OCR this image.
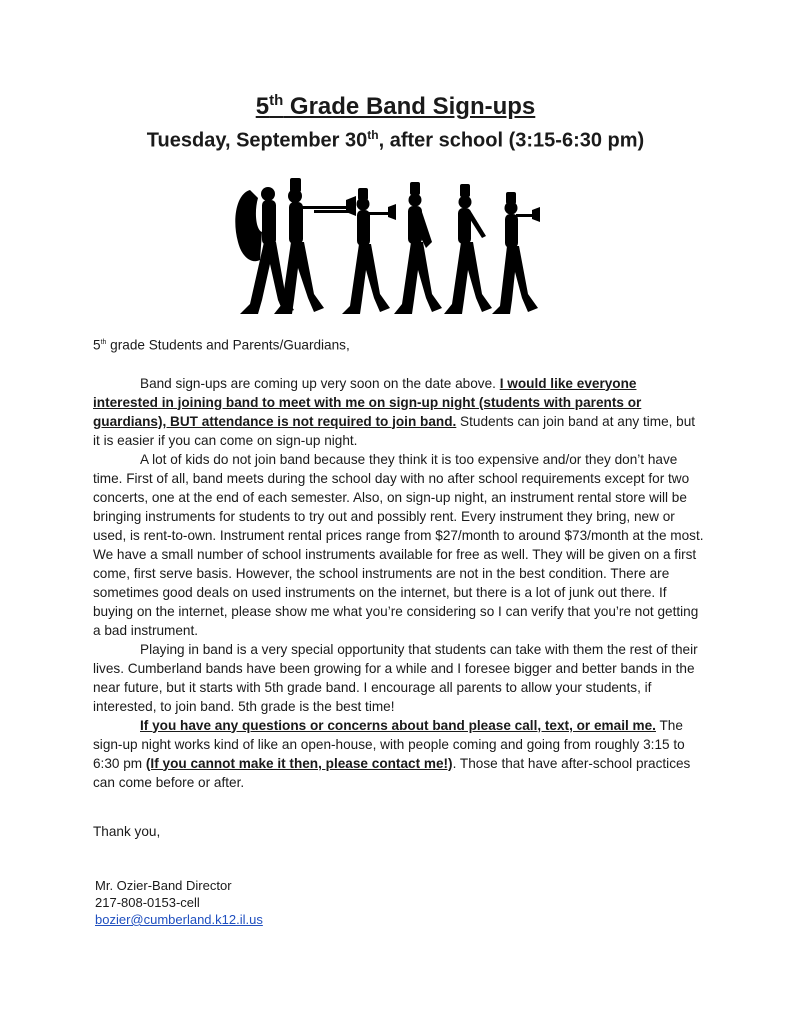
5th Grade Band Sign-ups
Tuesday, September 30th, after school (3:15-6:30 pm)

5th grade Students and Parents/Guardians,

Band sign-ups are coming up very soon on the date above. I would like everyone interested in joining band to meet with me on sign-up night (students with parents or guardians), BUT attendance is not required to join band. Students can join band at any time, but it is easier if you can come on sign-up night.

A lot of kids do not join band because they think it is too expensive and/or they don’t have time. First of all, band meets during the school day with no after school requirements except for two concerts, one at the end of each semester. Also, on sign-up night, an instrument rental store will be bringing instruments for students to try out and possibly rent. Every instrument they bring, new or used, is rent-to-own. Instrument rental prices range from $27/month to around $73/month at the most. We have a small number of school instruments available for free as well. They will be given on a first come, first serve basis. However, the school instruments are not in the best condition. There are sometimes good deals on used instruments on the internet, but there is a lot of junk out there. If buying on the internet, please show me what you’re considering so I can verify that you’re not getting a bad instrument.

Playing in band is a very special opportunity that students can take with them the rest of their lives. Cumberland bands have been growing for a while and I foresee bigger and better bands in the near future, but it starts with 5th grade band. I encourage all parents to allow your students, if interested, to join band. 5th grade is the best time!

If you have any questions or concerns about band please call, text, or email me. The sign-up night works kind of like an open-house, with people coming and going from roughly 3:15 to 6:30 pm (If you cannot make it then, please contact me!). Those that have after-school practices can come before or after.

Thank you,
Mr. Ozier-Band Director
217-808-0153-cell
bozier@cumberland.k12.il.us
